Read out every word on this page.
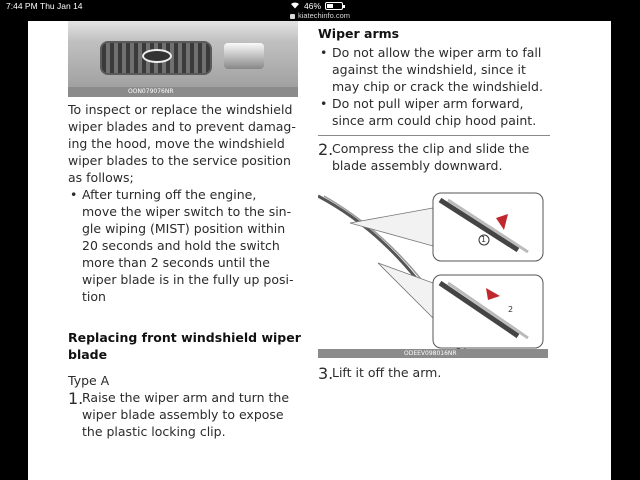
7:44 PM Thu Jan 14	46%
kiatechinfo.com
OON079076NR

To inspect or replace the windshield

wiper blades and to prevent damag-

ing the hood, move the windshield

wiper blades to the service position

as follows;

• After turning off the engine,

move the wiper switch to the sin-

gle wiping (MIST) position within

20 seconds and hold the switch

more than 2 seconds until the

wiper blade is in the fully up posi-

tion

Replacing front windshield wiper

blade

Type A

1.

Raise the wiper arm and turn the

wiper blade assembly to expose

the plastic locking clip.

Wiper arms

• Do not allow the wiper arm to fall

against the windshield, since it

may chip or crack the windshield.

• Do not pull wiper arm forward,

since arm could chip hood paint.

2.

Compress the clip and slide the

blade assembly downward.

1
2
ODEEV098016NR
3.

Lift it off the arm.
